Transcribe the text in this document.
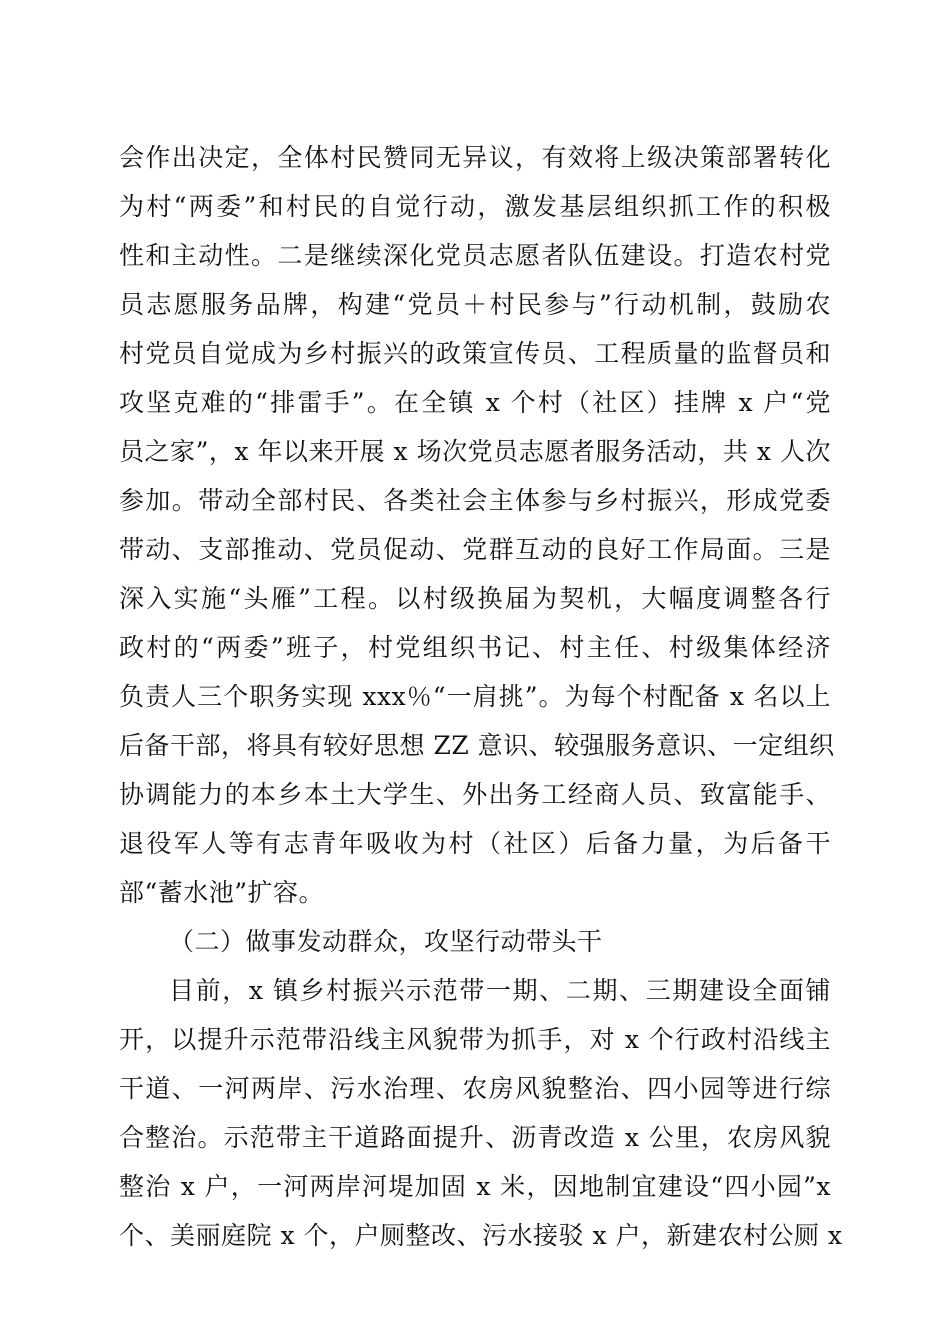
会作出决定，全体村民赞同无异议，有效将上级决策部署转化
为村“两委”和村民的自觉行动，激发基层组织抓工作的积极
性和主动性。二是继续深化党员志愿者队伍建设。打造农村党
员志愿服务品牌，构建“党员＋村民参与”行动机制，鼓励农
村党员自觉成为乡村振兴的政策宣传员、工程质量的监督员和
攻坚克难的“排雷手”。在全镇 x 个村（社区）挂牌 x 户“党
员之家”，x 年以来开展 x 场次党员志愿者服务活动，共 x 人次
参加。带动全部村民、各类社会主体参与乡村振兴，形成党委
带动、支部推动、党员促动、党群互动的良好工作局面。三是
深入实施“头雁”工程。以村级换届为契机，大幅度调整各行
政村的“两委”班子，村党组织书记、村主任、村级集体经济
负责人三个职务实现 xxx％“一肩挑”。为每个村配备 x 名以上
后备干部，将具有较好思想 ZZ 意识、较强服务意识、一定组织
协调能力的本乡本土大学生、外出务工经商人员、致富能手、
退役军人等有志青年吸收为村（社区）后备力量，为后备干
部“蓄水池”扩容。
（二）做事发动群众，攻坚行动带头干
目前，x 镇乡村振兴示范带一期、二期、三期建设全面铺
开，以提升示范带沿线主风貌带为抓手，对 x 个行政村沿线主
干道、一河两岸、污水治理、农房风貌整治、四小园等进行综
合整治。示范带主干道路面提升、沥青改造 x 公里，农房风貌
整治 x 户，一河两岸河堤加固 x 米，因地制宜建设“四小园”x
个、美丽庭院 x 个，户厕整改、污水接驳 x 户，新建农村公厕 x
